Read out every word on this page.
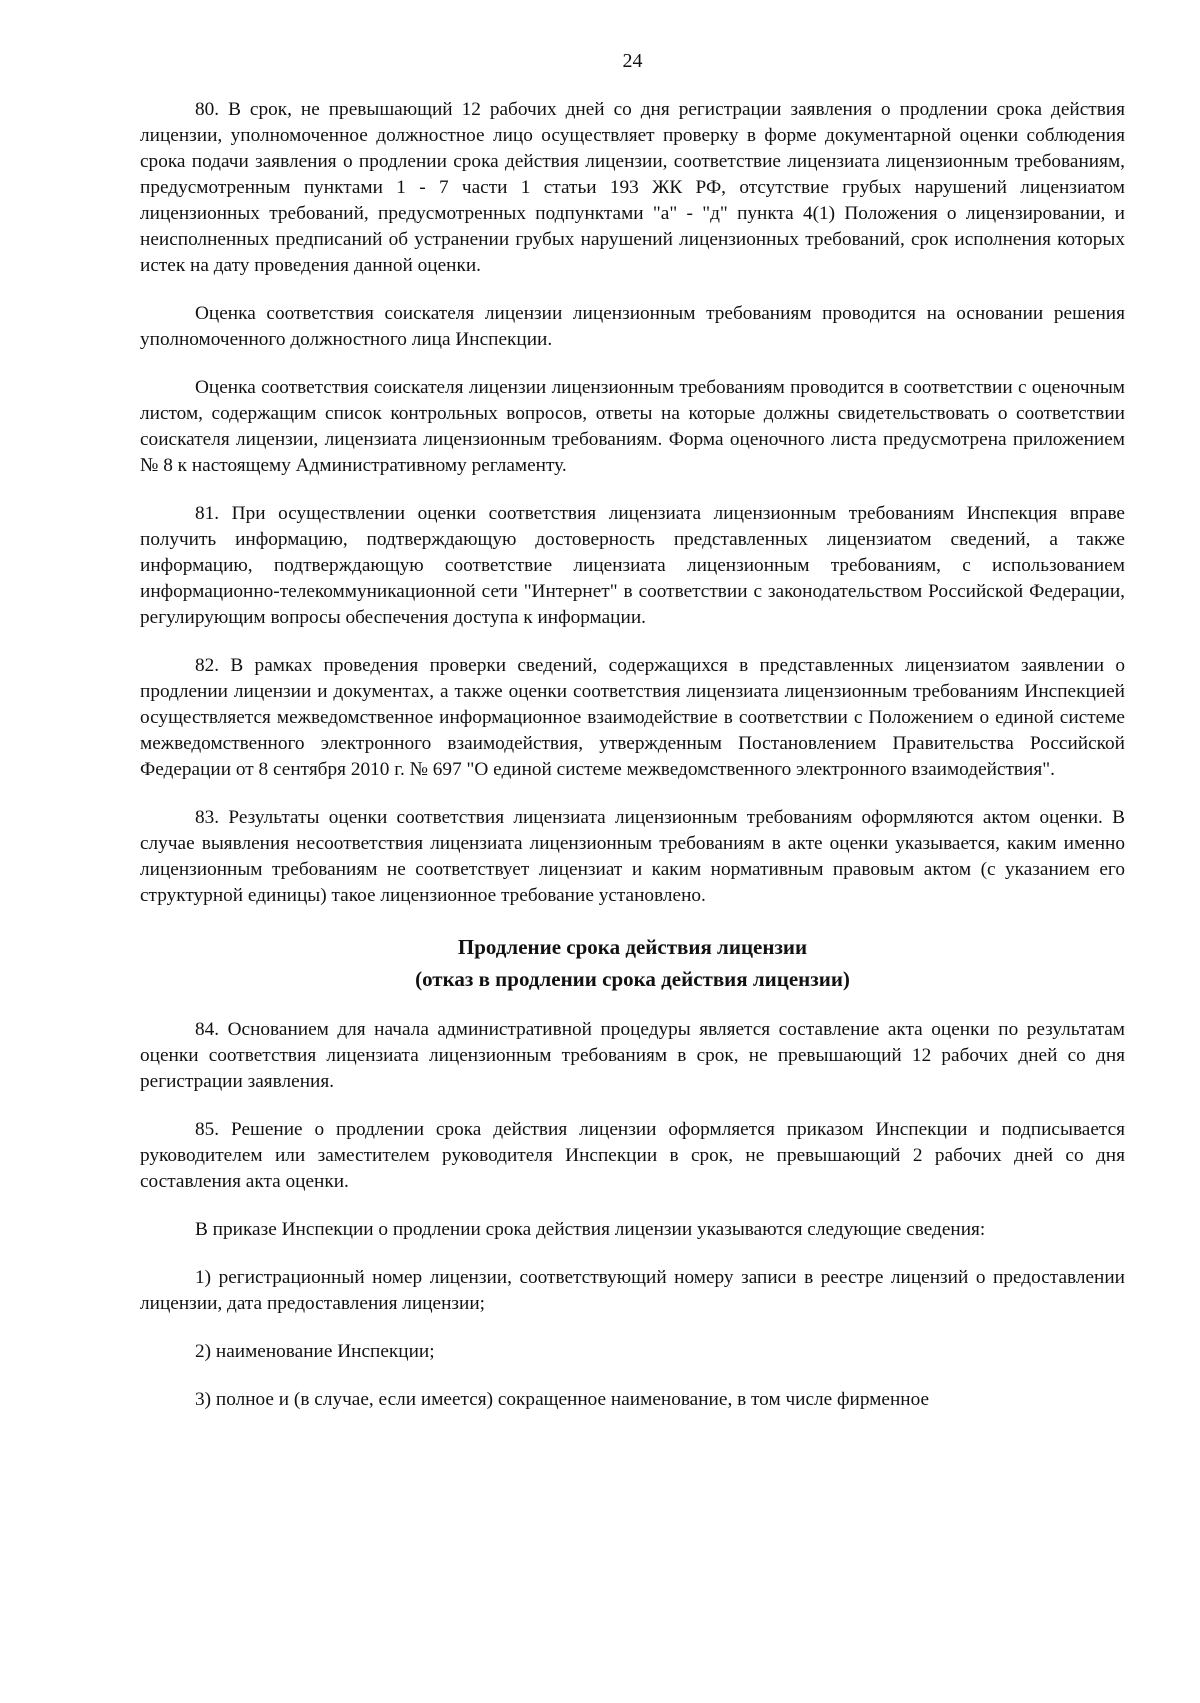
24

80. В срок, не превышающий 12 рабочих дней со дня регистрации заявления о продлении срока действия лицензии, уполномоченное должностное лицо осуществляет проверку в форме документарной оценки соблюдения срока подачи заявления о продлении срока действия лицензии, соответствие лицензиата лицензионным требованиям, предусмотренным пунктами 1 - 7 части 1 статьи 193 ЖК РФ, отсутствие грубых нарушений лицензиатом лицензионных требований, предусмотренных подпунктами "а" - "д" пункта 4(1) Положения о лицензировании, и неисполненных предписаний об устранении грубых нарушений лицензионных требований, срок исполнения которых истек на дату проведения данной оценки.

Оценка соответствия соискателя лицензии лицензионным требованиям проводится на основании решения уполномоченного должностного лица Инспекции.

Оценка соответствия соискателя лицензии лицензионным требованиям проводится в соответствии с оценочным листом, содержащим список контрольных вопросов, ответы на которые должны свидетельствовать о соответствии соискателя лицензии, лицензиата лицензионным требованиям. Форма оценочного листа предусмотрена приложением № 8 к настоящему Административному регламенту.

81. При осуществлении оценки соответствия лицензиата лицензионным требованиям Инспекция вправе получить информацию, подтверждающую достоверность представленных лицензиатом сведений, а также информацию, подтверждающую соответствие лицензиата лицензионным требованиям, с использованием информационно-телекоммуникационной сети "Интернет" в соответствии с законодательством Российской Федерации, регулирующим вопросы обеспечения доступа к информации.

82. В рамках проведения проверки сведений, содержащихся в представленных лицензиатом заявлении о продлении лицензии и документах, а также оценки соответствия лицензиата лицензионным требованиям Инспекцией осуществляется межведомственное информационное взаимодействие в соответствии с Положением о единой системе межведомственного электронного взаимодействия, утвержденным Постановлением Правительства Российской Федерации от 8 сентября 2010 г. № 697 "О единой системе межведомственного электронного взаимодействия".

83. Результаты оценки соответствия лицензиата лицензионным требованиям оформляются актом оценки. В случае выявления несоответствия лицензиата лицензионным требованиям в акте оценки указывается, каким именно лицензионным требованиям не соответствует лицензиат и каким нормативным правовым актом (с указанием его структурной единицы) такое лицензионное требование установлено.

Продление срока действия лицензии
(отказ в продлении срока действия лицензии)

84. Основанием для начала административной процедуры является составление акта оценки по результатам оценки соответствия лицензиата лицензионным требованиям в срок, не превышающий 12 рабочих дней со дня регистрации заявления.

85. Решение о продлении срока действия лицензии оформляется приказом Инспекции и подписывается руководителем или заместителем руководителя Инспекции в срок, не превышающий 2 рабочих дней со дня составления акта оценки.

В приказе Инспекции о продлении срока действия лицензии указываются следующие сведения:

1) регистрационный номер лицензии, соответствующий номеру записи в реестре лицензий о предоставлении лицензии, дата предоставления лицензии;

2) наименование Инспекции;

3) полное и (в случае, если имеется) сокращенное наименование, в том числе фирменное
